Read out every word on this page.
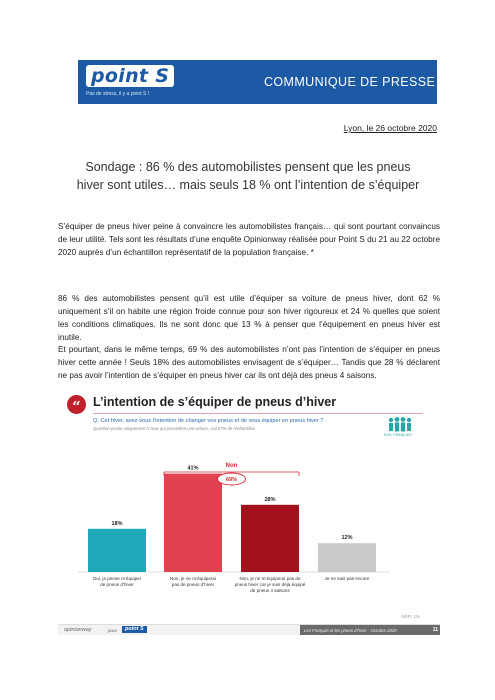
point S
Pas de stress, il y a point S !
COMMUNIQUE DE PRESSE
Lyon, le 26 octobre 2020
Sondage : 86 % des automobilistes pensent que les pneus hiver sont utiles… mais seuls 18 % ont l’intention de s’équiper

S’équiper de pneus hiver peine à convaincre les automobilistes français… qui sont pourtant convaincus de leur utilité. Tels sont les résultats d’une enquête Opinionway réalisée pour Point S du 21 au 22 octobre 2020 auprès d’un échantillon représentatif de la population française. *

86 % des automobilistes pensent qu’il est utile d’équiper sa voiture de pneus hiver, dont 62 % uniquement s’il on habite une région froide connue pour son hiver rigoureux et 24 % quelles que soient les conditions climatiques. Ils ne sont donc que 13 % à penser que l’équipement en pneus hiver est inutile.

Et pourtant, dans le même temps, 69 % des automobilistes n’ont pas l’intention de s’équiper en pneus hiver cette année ! Seuls 18% des automobilistes envisagent de s’équiper… Tandis que 28 % déclarent ne pas avoir l’intention de s’équiper en pneus hiver car ils ont déjà des pneus 4 saisons.

“ L’intention de s’équiper de pneus d’hiver
Q. Cet hiver, avez-vous l’intention de changer vos pneus et de vous équiper en pneus hiver ?
Question posée uniquement à ceux qui possèdent une voiture, soit 87% de l’échantillon
ENS. FRANÇAIS
18%
Oui, je pense m’équiper
de pneus d’hiver
41%
Non, je ne m’équiperai
pas de pneus d’hiver
28%
Non, je ne m’équiperai pas de
pneus hiver car je suis déjà équipé
de pneus 4 saisons
12%
Je ne sais pas encore
Non
69%
NSP: 1%
opinionway	pour	point S	Les Français et les pneus d’hiver - Octobre 2020	11
